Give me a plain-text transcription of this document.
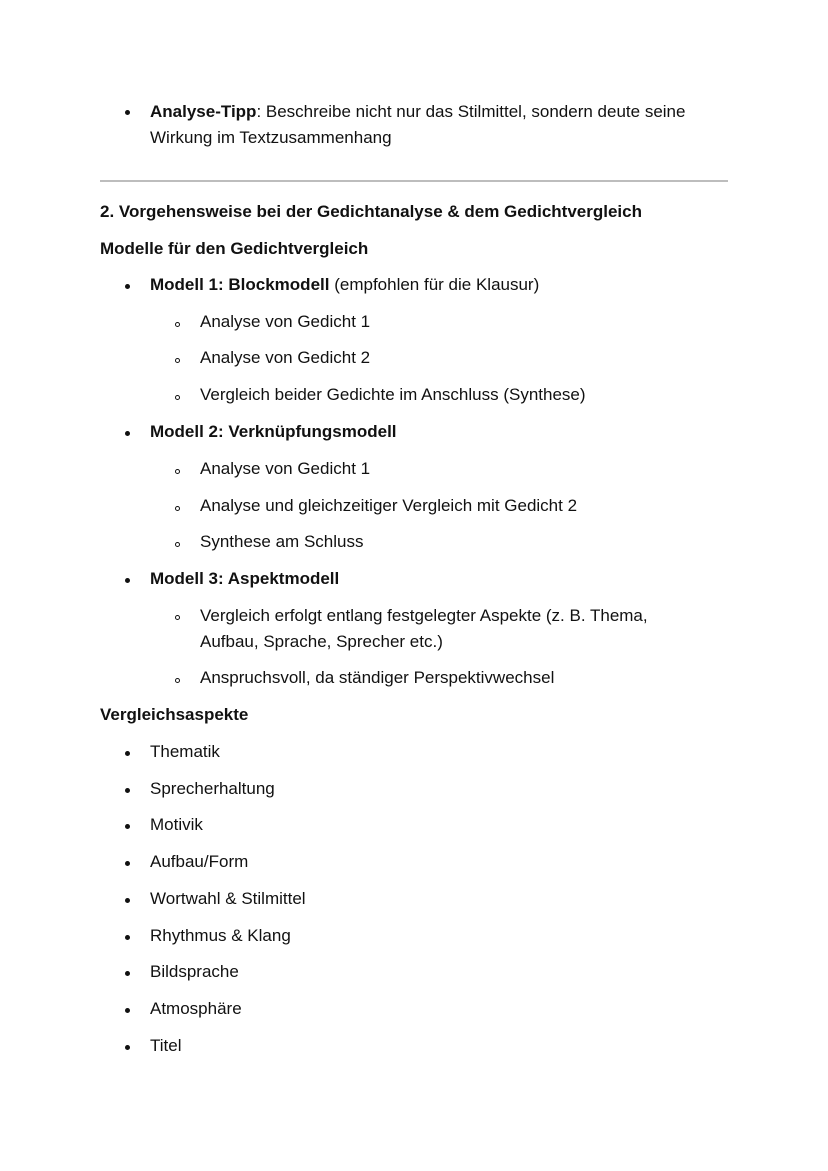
Analyse-Tipp: Beschreibe nicht nur das Stilmittel, sondern deute seine
Wirkung im Textzusammenhang
2. Vorgehensweise bei der Gedichtanalyse & dem Gedichtvergleich
Modelle für den Gedichtvergleich
Modell 1: Blockmodell (empfohlen für die Klausur)
Analyse von Gedicht 1
Analyse von Gedicht 2
Vergleich beider Gedichte im Anschluss (Synthese)
Modell 2: Verknüpfungsmodell
Analyse von Gedicht 1
Analyse und gleichzeitiger Vergleich mit Gedicht 2
Synthese am Schluss
Modell 3: Aspektmodell
Vergleich erfolgt entlang festgelegter Aspekte (z. B. Thema,
Aufbau, Sprache, Sprecher etc.)
Anspruchsvoll, da ständiger Perspektivwechsel
Vergleichsaspekte
Thematik
Sprecherhaltung
Motivik
Aufbau/Form
Wortwahl & Stilmittel
Rhythmus & Klang
Bildsprache
Atmosphäre
Titel
